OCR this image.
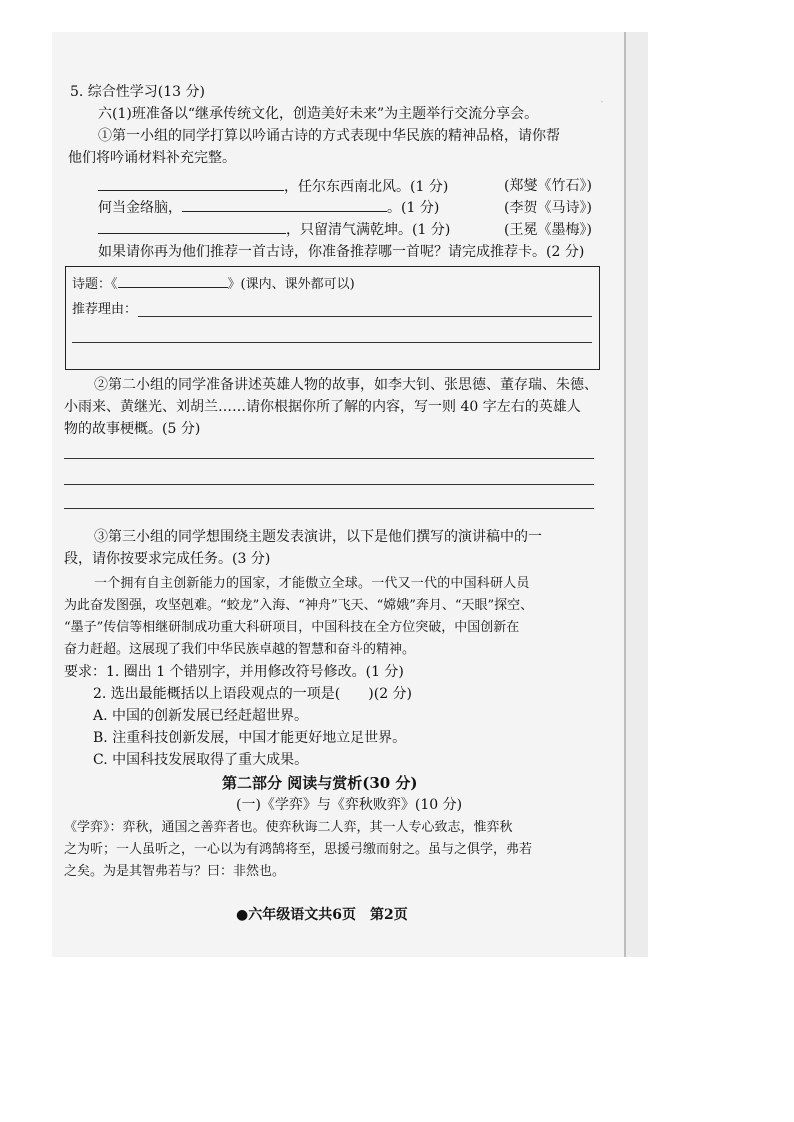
·
5. 综合性学习(13 分)
六(1)班准备以“继承传统文化，创造美好未来”为主题举行交流分享会。
①第一小组的同学打算以吟诵古诗的方式表现中华民族的精神品格，请你帮
他们将吟诵材料补充完整。
，任尔东西南北风。(1 分)	(郑燮《竹石》)
何当金络脑，	。(1 分)	(李贺《马诗》)
，只留清气满乾坤。(1 分)	(王冕《墨梅》)
如果请你再为他们推荐一首古诗，你准备推荐哪一首呢？请完成推荐卡。(2 分)
诗题：《	》(课内、课外都可以)
推荐理由：
②第二小组的同学准备讲述英雄人物的故事，如李大钊、张思德、董存瑞、朱德、
小雨来、黄继光、刘胡兰……请你根据你所了解的内容，写一则 40 字左右的英雄人
物的故事梗概。(5 分)
③第三小组的同学想围绕主题发表演讲，以下是他们撰写的演讲稿中的一
段，请你按要求完成任务。(3 分)
一个拥有自主创新能力的国家，才能傲立全球。一代又一代的中国科研人员
为此奋发图强，攻坚剋难。“蛟龙”入海、“神舟”飞天、“嫦娥”奔月、“天眼”探空、
“墨子”传信等相继研制成功重大科研项目，中国科技在全方位突破，中国创新在
奋力赶超。这展现了我们中华民族卓越的智慧和奋斗的精神。
要求：1. 圈出 1 个错别字，并用修改符号修改。(1 分)
2. 选出最能概括以上语段观点的一项是(　　)(2 分)
A. 中国的创新发展已经赶超世界。
B. 注重科技创新发展，中国才能更好地立足世界。
C. 中国科技发展取得了重大成果。
第二部分 阅读与赏析(30 分)
(一)《学弈》与《弈秋败弈》(10 分)
《学弈》：弈秋，通国之善弈者也。使弈秋诲二人弈，其一人专心致志，惟弈秋
之为听；一人虽听之，一心以为有鸿鹄将至，思援弓缴而射之。虽与之俱学，弗若
之矣。为是其智弗若与？曰：非然也。
●六年级语文共6页　第2页
